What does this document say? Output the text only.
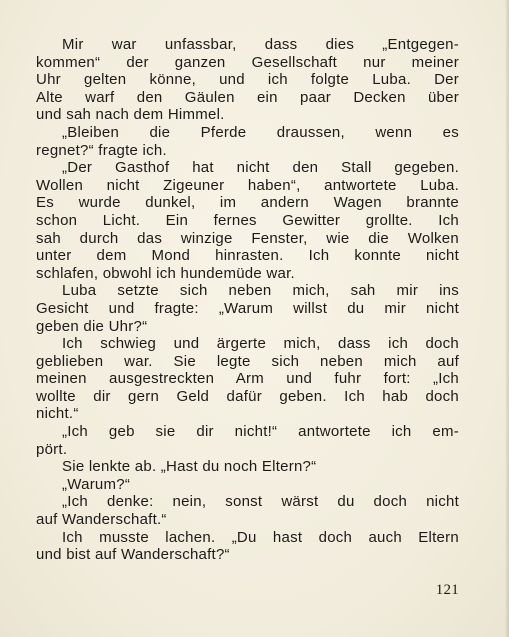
Mir war unfassbar, dass dies „Entgegen-
kommen“ der ganzen Gesellschaft nur meiner
Uhr gelten könne, und ich folgte Luba. Der
Alte warf den Gäulen ein paar Decken über
und sah nach dem Himmel.
„Bleiben die Pferde draussen, wenn es
regnet?“ fragte ich.
„Der Gasthof hat nicht den Stall gegeben.
Wollen nicht Zigeuner haben“, antwortete Luba.
Es wurde dunkel, im andern Wagen brannte
schon Licht. Ein fernes Gewitter grollte. Ich
sah durch das winzige Fenster, wie die Wolken
unter dem Mond hinrasten. Ich konnte nicht
schlafen, obwohl ich hundemüde war.
Luba setzte sich neben mich, sah mir ins
Gesicht und fragte: „Warum willst du mir nicht
geben die Uhr?“
Ich schwieg und ärgerte mich, dass ich doch
geblieben war. Sie legte sich neben mich auf
meinen ausgestreckten Arm und fuhr fort: „Ich
wollte dir gern Geld dafür geben. Ich hab doch
nicht.“
„Ich geb sie dir nicht!“ antwortete ich em-
pört.
Sie lenkte ab. „Hast du noch Eltern?“
„Warum?“
„Ich denke: nein, sonst wärst du doch nicht
auf Wanderschaft.“
Ich musste lachen. „Du hast doch auch Eltern
und bist auf Wanderschaft?“
121
